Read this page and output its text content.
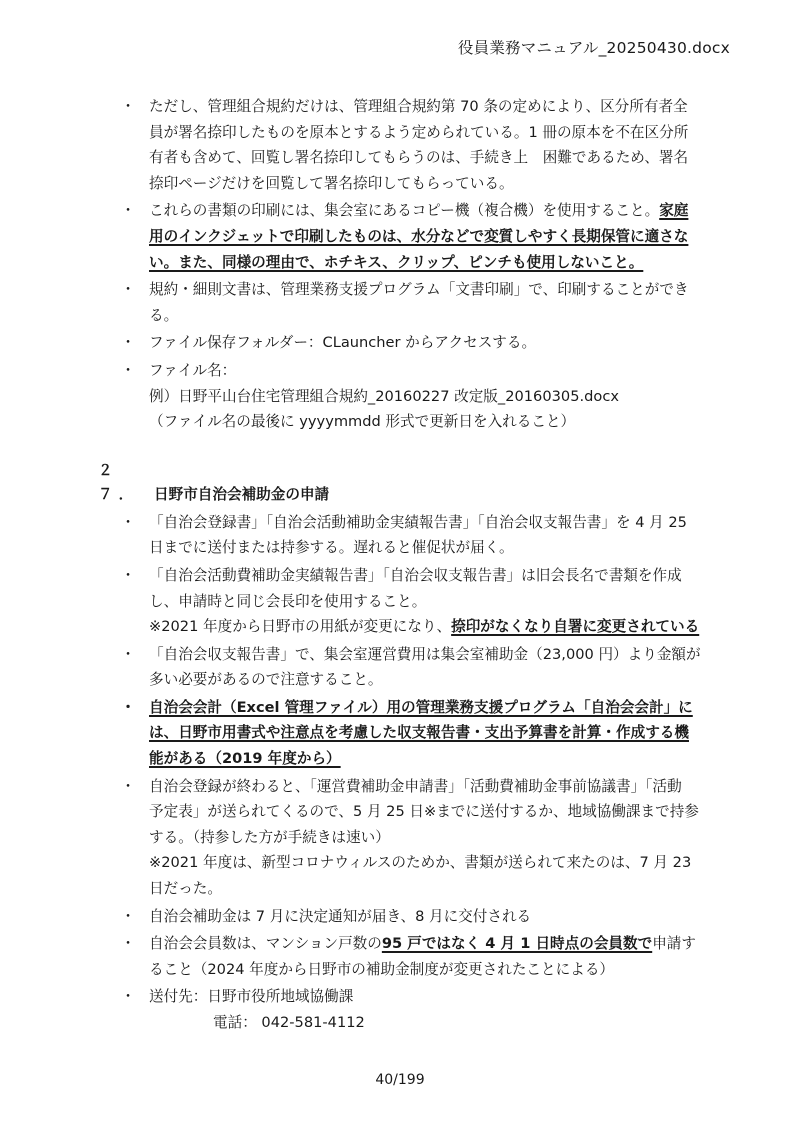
役員業務マニュアル_20250430.docx
・ ただし、管理組合規約だけは、管理組合規約第 70 条の定めにより、区分所有者全

員が署名捺印したものを原本とするよう定められている。1 冊の原本を不在区分所

有者も含めて、回覧し署名捺印してもらうのは、手続き上　困難であるため、署名

捺印ページだけを回覧して署名捺印してもらっている。

・ これらの書類の印刷には、集会室にあるコピー機（複合機）を使用すること。家庭

用のインクジェットで印刷したものは、水分などで変質しやすく長期保管に適さな

い。また、同様の理由で、ホチキス、クリップ、ピンチも使用しないこと。

・ 規約・細則文書は、管理業務支援プログラム「文書印刷」で、印刷することができ

る。

・ ファイル保存フォルダー：CLauncher からアクセスする。

・ ファイル名：

例）日野平山台住宅管理組合規約_20160227 改定版_20160305.docx

（ファイル名の最後に yyyymmdd 形式で更新日を入れること）

２７． 日野市自治会補助金の申請
・ 「自治会登録書」「自治会活動補助金実績報告書」「自治会収支報告書」を 4 月 25

日までに送付または持参する。遅れると催促状が届く。

・ 「自治会活動費補助金実績報告書」「自治会収支報告書」は旧会長名で書類を作成

し、申請時と同じ会長印を使用すること。

※2021 年度から日野市の用紙が変更になり、捺印がなくなり自署に変更されている

・ 「自治会収支報告書」で、集会室運営費用は集会室補助金（23,000 円）より金額が

多い必要があるので注意すること。

・ 自治会会計（Excel 管理ファイル）用の管理業務支援プログラム「自治会会計」に

は、日野市用書式や注意点を考慮した収支報告書・支出予算書を計算・作成する機

能がある（2019 年度から）

・ 自治会登録が終わると、「運営費補助金申請書」「活動費補助金事前協議書」「活動

予定表」が送られてくるので、5 月 25 日※までに送付するか、地域協働課まで持参

する。（持参した方が手続きは速い）

※2021 年度は、新型コロナウィルスのためか、書類が送られて来たのは、7 月 23

日だった。

・ 自治会補助金は 7 月に決定通知が届き、8 月に交付される

・ 自治会会員数は、マンション戸数の95 戸ではなく 4 月 1 日時点の会員数で申請す

ること（2024 年度から日野市の補助金制度が変更されたことによる）

・ 送付先：日野市役所地域協働課

電話： 042-581-4112

40/199
